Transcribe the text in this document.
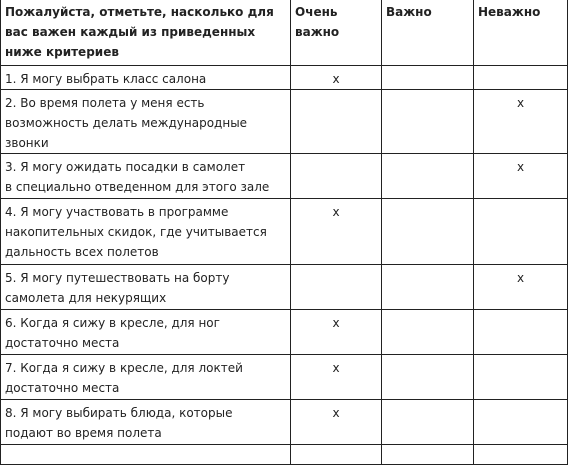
Пожалуйста, отметьте, насколько для
вас важен каждый из приведенных
ниже критериев	Очень
важно	Важно	Неважно

1. Я могу выбрать класс салона	x		

2. Во время полета у меня есть
возможность делать международные
звонки			x

3. Я могу ожидать посадки в самолет
в специально отведенном для этого зале			x

4. Я могу участвовать в программе
накопительных скидок, где учитывается
дальность всех полетов	x		

5. Я могу путешествовать на борту
самолета для некурящих			x

6. Когда я сижу в кресле, для ног
достаточно места	x		

7. Когда я сижу в кресле, для локтей
достаточно места	x		

8. Я могу выбирать блюда, которые
подают во время полета	x		
